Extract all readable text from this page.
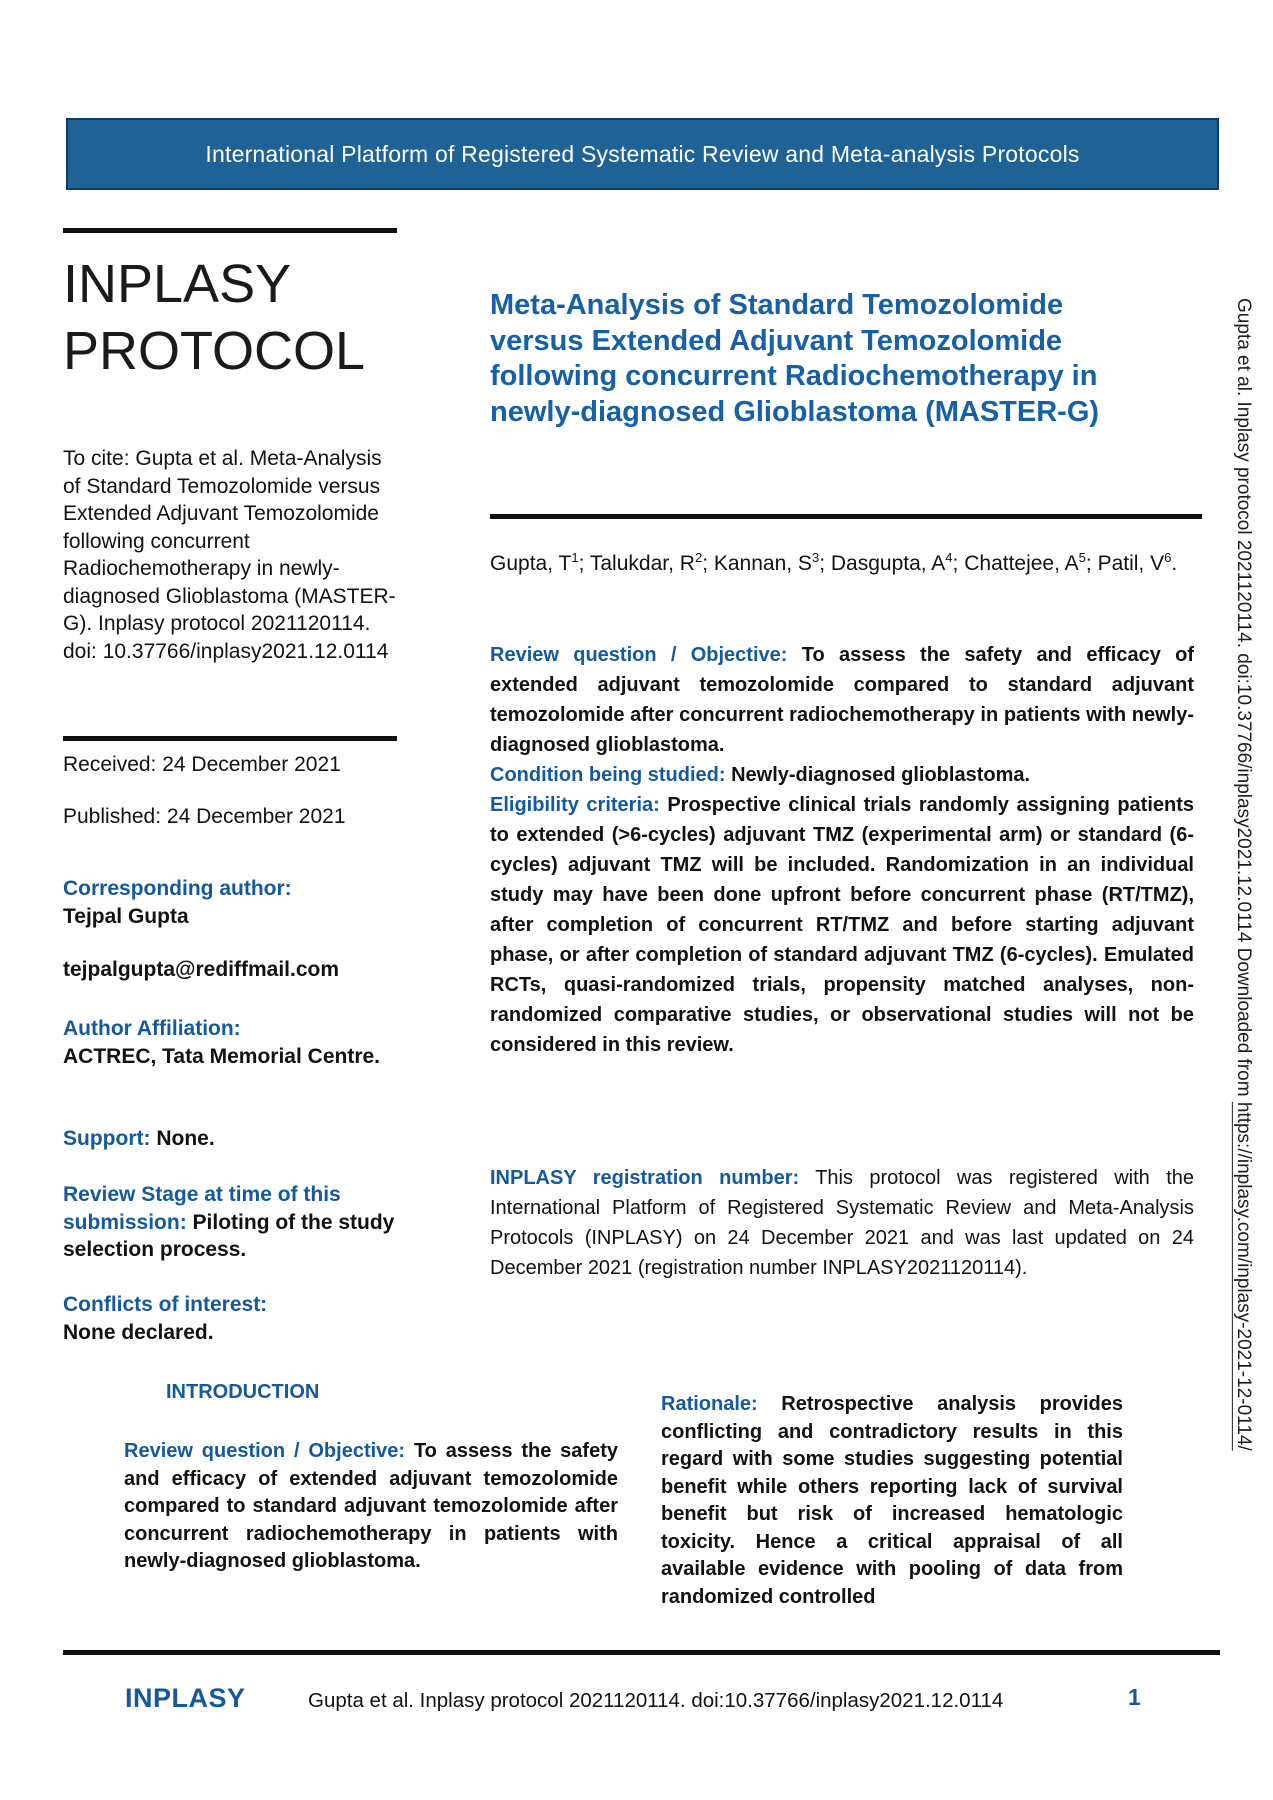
International Platform of Registered Systematic Review and Meta-analysis Protocols
INPLASY
PROTOCOL

To cite: Gupta et al. Meta-Analysis of Standard Temozolomide versus Extended Adjuvant Temozolomide following concurrent Radiochemotherapy in newly-diagnosed Glioblastoma (MASTER-G). Inplasy protocol 2021120114. doi: 10.37766/inplasy2021.12.0114

Received: 24 December 2021
Published: 24 December 2021
Corresponding author:
Tejpal Gupta
tejpalgupta@rediffmail.com
Author Affiliation:
ACTREC, Tata Memorial Centre.
Support: None.
Review Stage at time of this submission: Piloting of the study selection process.
Conflicts of interest:
None declared.
Meta-Analysis of Standard Temozolomide versus Extended Adjuvant Temozolomide following concurrent Radiochemotherapy in newly-diagnosed Glioblastoma (MASTER-G)
Gupta, $T^1$; Talukdar, $R^2$; Kannan, $S^3$; Dasgupta, $A^4$; Chattejee, $A^5$; Patil, $V^6$.

Review question / Objective: To assess the safety and efficacy of extended adjuvant temozolomide compared to standard adjuvant temozolomide after concurrent radiochemotherapy in patients with newly-diagnosed glioblastoma.

Condition being studied: Newly-diagnosed glioblastoma.

Eligibility criteria: Prospective clinical trials randomly assigning patients to extended (>6-cycles) adjuvant TMZ (experimental arm) or standard (6-cycles) adjuvant TMZ will be included. Randomization in an individual study may have been done upfront before concurrent phase (RT/TMZ), after completion of concurrent RT/TMZ and before starting adjuvant phase, or after completion of standard adjuvant TMZ (6-cycles). Emulated RCTs, quasi-randomized trials, propensity matched analyses, non-randomized comparative studies, or observational studies will not be considered in this review.

INPLASY registration number: This protocol was registered with the International Platform of Registered Systematic Review and Meta-Analysis Protocols (INPLASY) on 24 December 2021 and was last updated on 24 December 2021 (registration number INPLASY2021120114).

INTRODUCTION

Review question / Objective: To assess the safety and efficacy of extended adjuvant temozolomide compared to standard adjuvant temozolomide after concurrent radiochemotherapy in patients with newly-diagnosed glioblastoma.

Rationale: Retrospective analysis provides conflicting and contradictory results in this regard with some studies suggesting potential benefit while others reporting lack of survival benefit but risk of increased hematologic toxicity. Hence a critical appraisal of all available evidence with pooling of data from randomized controlled

Gupta et al. Inplasy protocol 2021120114. doi:10.37766/inplasy2021.12.0114 Downloaded from https://inplasy.com/inplasy-2021-12-0114/
INPLASY	Gupta et al. Inplasy protocol 2021120114. doi:10.37766/inplasy2021.12.0114	1
